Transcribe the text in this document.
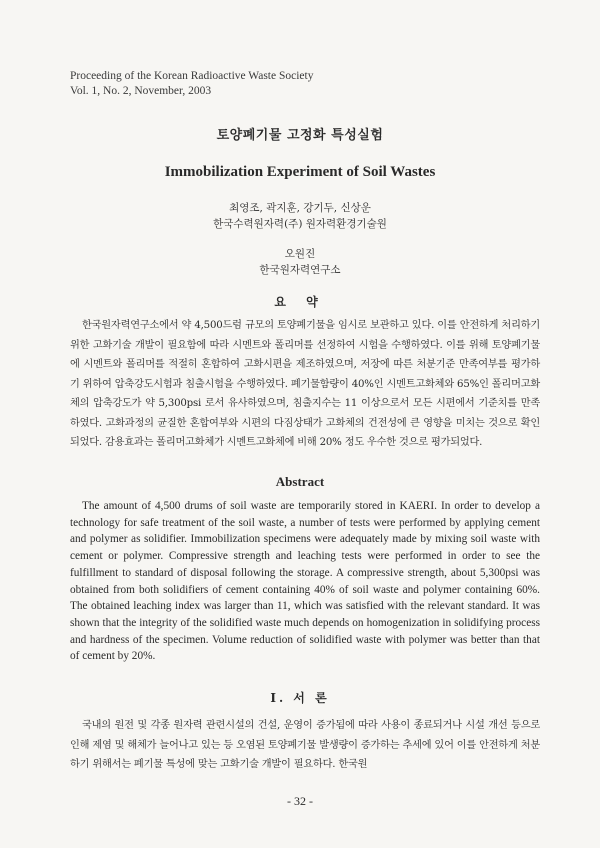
Proceeding of the Korean Radioactive Waste Society
Vol. 1, No. 2, November, 2003
토양폐기물 고정화 특성실험
Immobilization Experiment of Soil Wastes
최영조, 곽지훈, 강기두, 신상운
한국수력원자력(주) 원자력환경기술원
오원진
한국원자력연구소
요 약
한국원자력연구소에서 약 4,500드럼 규모의 토양폐기물을 임시로 보관하고 있다. 이를 안전하게 처리하기 위한 고화기술 개발이 필요함에 따라 시멘트와 폴리머를 선정하여 시험을 수행하였다. 이를 위해 토양폐기물에 시멘트와 폴리머를 적절히 혼합하여 고화시편을 제조하였으며, 저장에 따른 처분기준 만족여부를 평가하기 위하여 압축강도시험과 침출시험을 수행하였다. 폐기물함량이 40%인 시멘트고화체와 65%인 폴리머고화체의 압축강도가 약 5,300psi 로서 유사하였으며, 침출지수는 11 이상으로서 모든 시편에서 기준치를 만족하였다. 고화과정의 균질한 혼합여부와 시편의 다짐상태가 고화체의 건전성에 큰 영향을 미치는 것으로 확인되었다. 감용효과는 폴리머고화체가 시멘트고화체에 비해 20% 정도 우수한 것으로 평가되었다.
Abstract
The amount of 4,500 drums of soil waste are temporarily stored in KAERI. In order to develop a technology for safe treatment of the soil waste, a number of tests were performed by applying cement and polymer as solidifier. Immobilization specimens were adequately made by mixing soil waste with cement or polymer. Compressive strength and leaching tests were performed in order to see the fulfillment to standard of disposal following the storage. A compressive strength, about 5,300psi was obtained from both solidifiers of cement containing 40% of soil waste and polymer containing 60%. The obtained leaching index was larger than 11, which was satisfied with the relevant standard. It was shown that the integrity of the solidified waste much depends on homogenization in solidifying process and hardness of the specimen. Volume reduction of solidified waste with polymer was better than that of cement by 20%.
Ⅰ. 서 론
국내의 원전 및 각종 원자력 관련시설의 건설, 운영이 증가됨에 따라 사용이 종료되거나 시설 개선 등으로 인해 제염 및 해체가 늘어나고 있는 등 오염된 토양폐기물 발생량이 증가하는 추세에 있어 이를 안전하게 처분하기 위해서는 폐기물 특성에 맞는 고화기술 개발이 필요하다. 한국원
- 32 -
